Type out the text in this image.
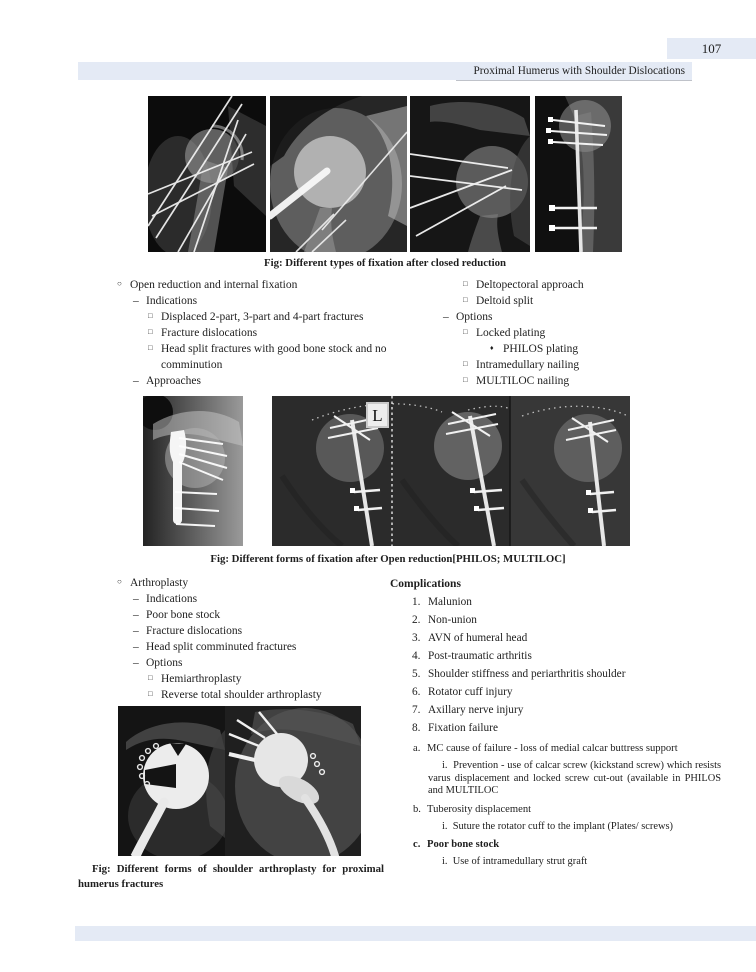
107
Proximal Humerus with Shoulder Dislocations
Fig: Different types of fixation after closed reduction
○ Open reduction and internal fixation
– Indications
□ Displaced 2-part, 3-part and 4-part fractures
□ Fracture dislocations
□ Head split fractures with good bone stock and no comminution
– Approaches
□ Deltopectoral approach
□ Deltoid split
– Options
□ Locked plating
♦ PHILOS plating
□ Intramedullary nailing
□ MULTILOC nailing
L
Fig: Different forms of fixation after Open reduction[PHILOS; MULTILOC]
○ Arthroplasty
– Indications
– Poor bone stock
– Fracture dislocations
– Head split comminuted fractures
– Options
□ Hemiarthroplasty
□ Reverse total shoulder arthroplasty
Fig: Different forms of shoulder arthroplasty for proximal humerus fractures
Complications
1. Malunion
2. Non-union
3. AVN of humeral head
4. Post-traumatic arthritis
5. Shoulder stiffness and periarthritis shoulder
6. Rotator cuff injury
7. Axillary nerve injury
8. Fixation failure
a. MC cause of failure - loss of medial calcar buttress support
i. Prevention - use of calcar screw (kickstand screw) which resists varus displacement and locked screw cut-out (available in PHILOS and MULTILOC
b. Tuberosity displacement
i. Suture the rotator cuff to the implant (Plates/ screws)
c. Poor bone stock
i. Use of intramedullary strut graft
